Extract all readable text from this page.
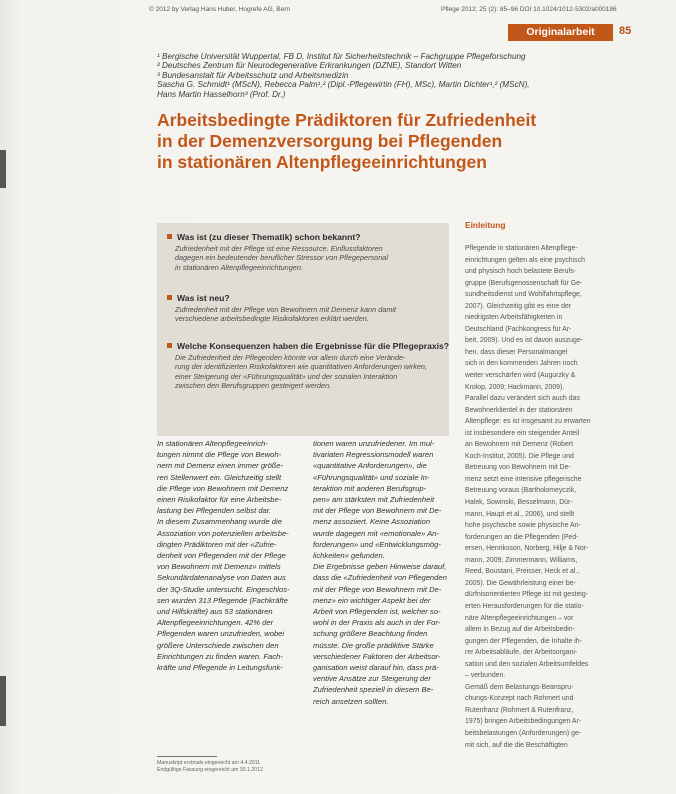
© 2012 by Verlag Hans Huber, Hogrefe AG, Bern	Pflege 2012; 25 (2): 85–96 DOI 10.1024/1012-5302/a000186
Originalarbeit	85
¹ Bergische Universität Wuppertal, FB D, Institut für Sicherheitstechnik – Fachgruppe Pflegeforschung
² Deutsches Zentrum für Neurodegenerative Erkrankungen (DZNE), Standort Witten
³ Bundesanstalt für Arbeitsschutz und Arbeitsmedizin
Sascha G. Schmidt¹ (MScN), Rebecca Palm¹,² (Dipl.-Pflegewirtin (FH), MSc), Martin Dichter¹,² (MScN),
Hans Martin Hasselhorn³ (Prof. Dr.)
Arbeitsbedingte Prädiktoren für Zufriedenheit
in der Demenzversorgung bei Pflegenden
in stationären Altenpflegeeinrichtungen
Was ist (zu dieser Thematik) schon bekannt?
Zufriedenheit mit der Pflege ist eine Ressource. Einflussfaktoren
dagegen ein bedeutender beruflicher Stressor von Pflegepersonal
in stationären Altenpflegeeinrichtungen.
Was ist neu?
Zufriedenheit mit der Pflege von Bewohnern mit Demenz kann damit
verschiedene arbeitsbedingte Risikofaktoren erklärt werden.
Welche Konsequenzen haben die Ergebnisse für die Pflegepraxis?
Die Zufriedenheit der Pflegenden könnte vor allem durch eine Verände-
rung der identifizierten Risikofaktoren wie quantitativen Anforderungen wirken,
einer Steigerung der «Führungsqualität» und der sozialen Interaktion
zwischen den Berufsgruppen gesteigert werden.
In stationären Altenpflegeeinrich-
tungen nimmt die Pflege von Bewoh-
nern mit Demenz einen immer größe-
ren Stellenwert ein. Gleichzeitig stellt
die Pflege von Bewohnern mit Demenz
einen Risikofaktor für eine Arbeitsbe-
lastung bei Pflegenden selbst dar.
In diesem Zusammenhang wurde die
Assoziation von potenziellen arbeitsbe-
dingten Prädiktoren mit der «Zufrie-
denheit von Pflegenden mit der Pflege
von Bewohnern mit Demenz» mittels
Sekundärdatenanalyse von Daten aus
der 3Q-Studie untersucht. Eingeschlos-
sen wurden 313 Pflegende (Fachkräfte
und Hilfskräfte) aus 53 stationären
Altenpflegeeinrichtungen. 42% der
Pflegenden waren unzufrieden, wobei
größere Unterschiede zwischen den
Einrichtungen zu finden waren. Fach-
kräfte und Pflegende in Leitungsfunk-
tionen waren unzufriedener. Im mul-
tivariaten Regressionsmodell waren
«quantitative Anforderungen», die
«Führungsqualität» und soziale In-
teraktion mit anderen Berufsgrup-
pen» am stärksten mit Zufriedenheit
mit der Pflege von Bewohnern mit De-
menz assoziiert. Keine Assoziation
wurde dagegen mit «emotionale» An-
forderungen» und «Entwicklungsmög-
lichkeiten» gefunden.
Die Ergebnisse geben Hinweise darauf,
dass die «Zufriedenheit von Pflegenden
mit der Pflege von Bewohnern mit De-
menz» ein wichtiger Aspekt bei der
Arbeit von Pflegenden ist, welcher so-
wohl in der Praxis als auch in der For-
schung größere Beachtung finden
müsste. Die große prädiktive Stärke
verschiedener Faktoren der Arbeitsor-
ganisation weist darauf hin, dass prä-
ventive Ansätze zur Steigerung der
Zufriedenheit speziell in diesem Be-
reich ansetzen sollten.
Einleitung
Pflegende in stationären Altenpflege-
einrichtungen gelten als eine psychisch
und physisch hoch belastete Berufs-
gruppe (Berufsgenossenschaft für Ge-
sundheitsdienst und Wohlfahrtspflege,
2007). Gleichzeitig gibt es eine der
niedrigsten Arbeitsfähigkeiten in
Deutschland (Fachkongress für Ar-
beit, 2009). Und es ist davon auszuge-
hen, dass dieser Personalmangel
sich in den kommenden Jahren noch
weiter verschärfen wird (Augurzky &
Krolop, 2009; Hackmann, 2009).
Parallel dazu verändert sich auch das
Bewohnerklientel in der stationären
Altenpflege: es ist insgesamt zu erwarten
ist insbesondere ein steigender Anteil
an Bewohnern mit Demenz (Robert
Koch-Institut, 2005). Die Pflege und
Betreuung von Bewohnern mit De-
menz setzt eine intensive pflegerische
Betreuung voraus (Bartholomeyczik,
Halek, Sowinski, Besselmann, Dür-
mann, Haupt et al., 2006), und stellt
hohe psychische sowie physische An-
forderungen an die Pflegenden (Ped-
ersen, Henriksson, Norberg, Hilje & Nor-
mann, 2009; Zimmermann, Williams,
Reed, Boustani, Preisser, Heck et al.,
2005). Die Gewährleistung einer be-
dürfnisorientierten Pflege ist mit gesteig-
erten Herausforderungen für die statio-
näre Altenpflegeeinrichtungen – vor
allem in Bezug auf die Arbeitsbedin-
gungen der Pflegenden, die Inhalte ih-
rer Arbeitsabläufe, der Arbeitsorgani-
sation und den sozialen Arbeitsumfeldes
– verbunden.
Gemäß dem Belastungs-Beanspru-
chungs-Konzept nach Rohmert und
Rutenfranz (Rohmert & Rutenfranz,
1975) bringen Arbeitsbedingungen Ar-
beitsbelastungen (Anforderungen) ge-
mit sich, auf die die Beschäftigten
Manuskript erstmals eingereicht am 4.4.2011
Endgültige Fassung eingereicht am 30.1.2012
